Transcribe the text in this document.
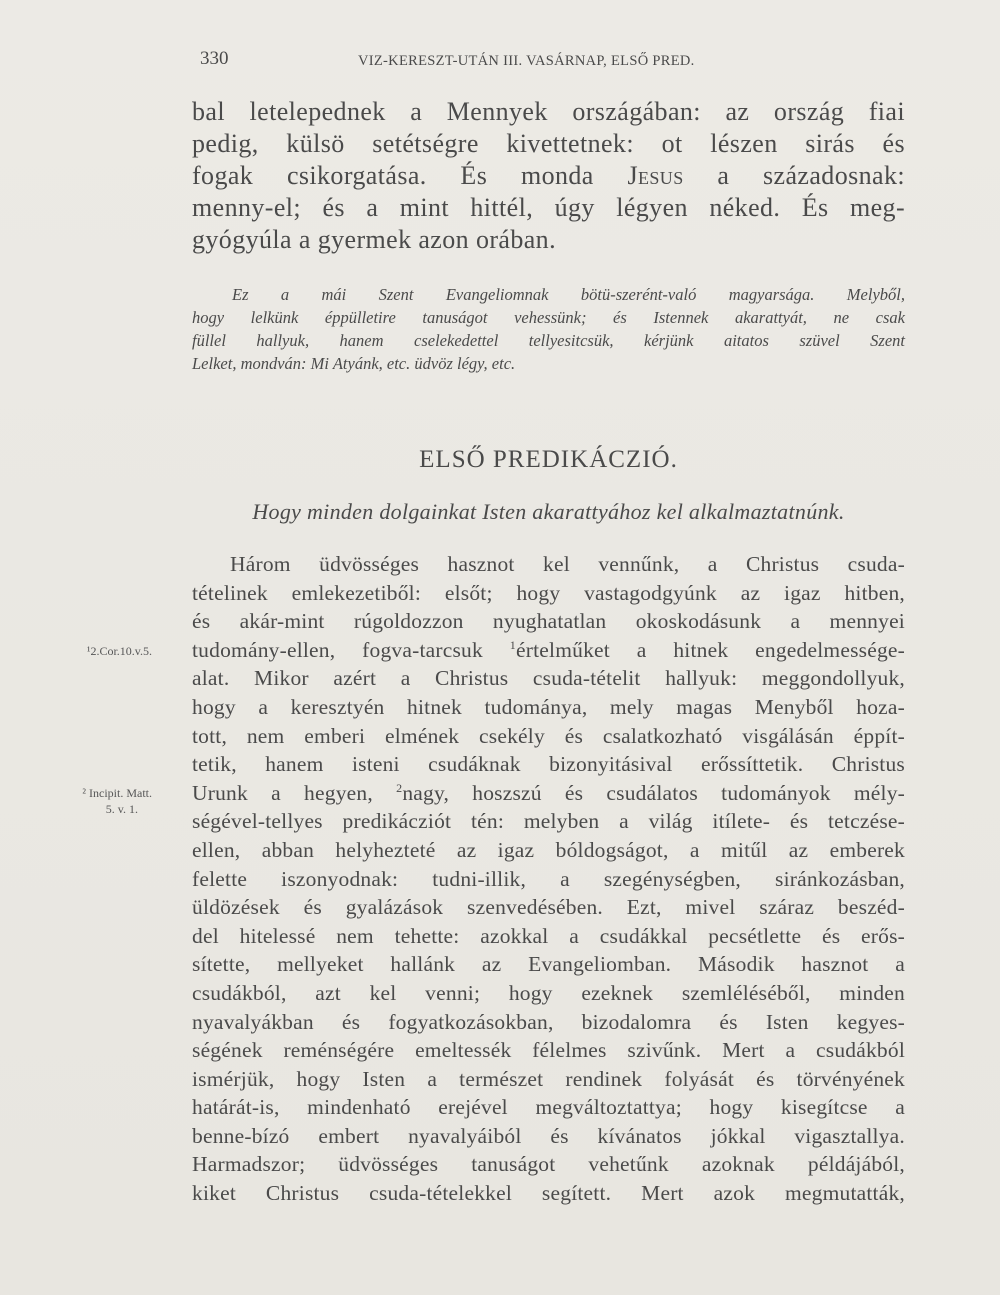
330	VIZ-KERESZT-UTÁN III. VASÁRNAP, ELSŐ PRED.
bal letelepednek a Mennyek országában: az ország fiai
pedig, külsö setétségre kivettetnek: ot lészen sirás és
fogak csikorgatása. És monda Jesus a századosnak:
menny-el; és a mint hittél, úgy légyen néked. És meg-
gyógyúla a gyermek azon orában.
Ez a mái Szent Evangeliomnak bötü-szerént-való magyarsága. Melyből,
hogy lelkünk éppülletire tanuságot vehessünk; és Istennek akarattyát, ne csak
füllel hallyuk, hanem cselekedettel tellyesitcsük, kérjünk aitatos szüvel Szent
Lelket, mondván: Mi Atyánk, etc. üdvöz légy, etc.
ELSŐ PREDIKÁCZIÓ.
Hogy minden dolgainkat Isten akarattyához kel alkalmaztatnúnk.
¹2.Cor.10.v.5.
² Incipit. Matt.
5. v. 1.
Három üdvösséges hasznot kel vennűnk, a Christus csuda-
tételinek emlekezetiből: elsőt; hogy vastagodgyúnk az igaz hitben,
és akár-mint rúgoldozzon nyughatatlan okoskodásunk a mennyei
tudomány-ellen, fogva-tarcsuk $^1$értelműket a hitnek engedelmessége-
alat. Mikor azért a Christus csuda-tételit hallyuk: meggondollyuk,
hogy a keresztyén hitnek tudománya, mely magas Menyből hoza-
tott, nem emberi elmének csekély és csalatkozható visgálásán éppít-
tetik, hanem isteni csudáknak bizonyitásival erőssíttetik. Christus
Urunk a hegyen, $^2$nagy, hoszszú és csudálatos tudományok mély-
ségével-tellyes predikácziót tén: melyben a világ itílete- és tetczése-
ellen, abban helyhezteté az igaz bóldogságot, a mitűl az emberek
felette iszonyodnak: tudni-illik, a szegénységben, siránkozásban,
üldözések és gyalázások szenvedésében. Ezt, mivel száraz beszéd-
del hitelessé nem tehette: azokkal a csudákkal pecsétlette és erős-
sítette, mellyeket hallánk az Evangeliomban. Második hasznot a
csudákból, azt kel venni; hogy ezeknek szemléléséből, minden
nyavalyákban és fogyatkozásokban, bizodalomra és Isten kegyes-
ségének reménségére emeltessék félelmes szivűnk. Mert a csudákból
ismérjük, hogy Isten a természet rendinek folyását és törvényének
határát-is, mindenható erejével megváltoztattya; hogy kisegítcse a
benne-bízó embert nyavalyáiból és kívánatos jókkal vigasztallya.
Harmadszor; üdvösséges tanuságot vehetűnk azoknak példájából,
kiket Christus csuda-tételekkel segített. Mert azok megmutatták,
